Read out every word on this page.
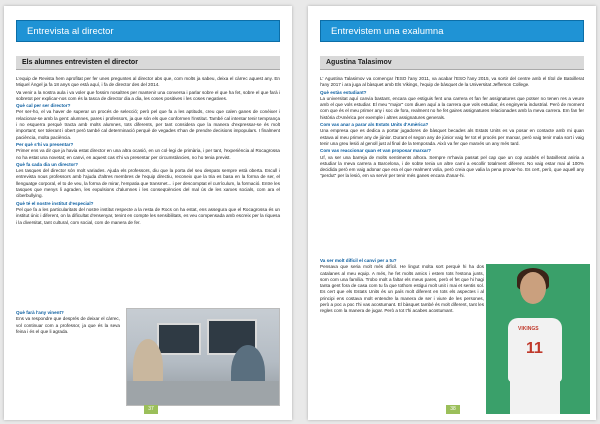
Entrevista al director
Els alumnes entrevisten el director

L'equip de Revista hem aprofitat per fer unes preguntes al director abs que, com molts ja sabeu, deixa el càrrec aquest any. En Miquel Àngel ja fa 18 anys que està aquí, i fa de director des del 2014.

Va venir a la nostra aula i va voler que fossim nosaltres per mantenir una conversa i parlar sobre el que ha fet, sobre el que farà i sobretot per explicar-nos com és la tasca de director dia a dia, les coses positives i les coses negatives.

Què cal per ser director?

Per ser-ho, el va haver de superar un procés de selecció; però pel que fa a les aptituds, creu que calen ganes de conèixer i relacionar-se amb la gent: alumnes, pares i professors, ja que són els que conformen l'institut. També cal intentar tenir temprança i no esquerra perquè tracta amb molts alumnes, tots diferents, per tant considera que la manera d'expressar-se és molt important; ser tolerant i obert però també cal determinació perquè de vegades s'han de prendre decisions impopulars. I finalment paciència, molta paciència.

Per què s'hi va presentar?

Primer ens va dir que ja havia estat director en una altra ocasió, en un col·legi de primària, i per tant, l'experiència al Rocagrossa no ha estat una novetat; en canvi, en aquest cas s'hi va presentar per circumstàncies, no ho tenia previst.

Què fa cada dia un director?

Les tasques del director són molt variades. Ajuda els professors, diu que la porta del seu despatx sempre està oberta. Escull i entrevista nous professors amb l'ajuda d'altres membres de l'equip directiu, reconeix que la tria es basa en la forma de ser, el llenguatge corporal, el to de veu, la forma de mirar, l'empatia que transmet... i per descomptat el currículum, la formació. Entre les tasques que menys li agraden, les expulsions d'alumnes i les conseqüències del mal ús de les xarxes socials, com ara el ciberbullying.

Què té el nostre institut d'especial?

Pel que fa a les particularitats del nostre institut respecte a la resta de Rocs on ha estat, ens assegura que el Rocagrossa és un institut únic i diferent, on la dificultat d'ensenyar, tenint en compte les sensibilitats, es veu compensada amb escreix per la riquesa i la diversitat, tant cultural, com social, com de manera de fer.

Què farà l'any vinent?

Ens va respondre que després de deixar el càrrec, vol continuar com a professor, ja que és la seva feina i és el que li agrada.

37
Entrevistem una exalumna
Agustina Talasimov

L' Agustina Talasimov va començar l'ESO l'any 2011, va acabar l'ESO l'any 2015, va sortir del centre amb el títol de Batxillerat l'any 2017 i ara juga al bàsquet amb Els Vikings, l'equip de bàsquet de la Universitat Jefferson College.

Què estàs estudiant?

La universitat aquí canvia bastant, encara que estiguis fent una carrera et fan fer assignatures que potser no tenen res a veure amb el que vols estudiar. El meu "major" com diuen aquí a la carrera que vols estudiar, és enginyeria industrial. Però de moment com que és el meu primer any i soc de fora, realment no he fet gaires assignatures relacionades amb la meva carrera. Em fan fer història d'Amèrica per exemple i altres assignatures generals.

Com vas anar a parar als Estats Units d'Amèrica?

Una empresa que es dedica a portar jugadores de bàsquet becades als Estats Units es va posar en contacte amb mi quan estava al meu primer any de júnior. Durant el segon any de júnior vaig fer tot el procés per marxar, però vaig tenir mala sort i vaig tenir una greu lesió al genoll just al final de la temporada. Això va fer que marxés un any més tard.

Com vas reaccionar quan et van proposar marxar?

Uf, va ser una barreja de molts sentiments alhora. Sempre m'havia passat pel cap que un cop acabés el batxillerat aniria a estudiar la meva carrera a Barcelona, i de sobte tenia un altre camí a escollir totalment diferent. No vaig estar mai al 100% decidida però em vaig adonar que era el que realment volia, però creia que valia la pena provar-ho. Es cert, però, que aquell any "perdut" per la lesió, em va servir per tenir més ganes encara d'anar-hi.

Va ser molt difícil el canvi per a tu?

Pensava que seria molt més difícil. He lingut molta sort perquè hi ha dos catalanes al meu equip. A més, he fet molts amics i estem tots l'estona junts, som com una família. Trobo molt a faltar els meus pares, però el fet que hi hagi tanta gent fora de casa com tu fa que tothom estigui molt unit i mai et sentis sol. Es cert que els Estats Units és un país molt diferent en tots els aspectes i al principi ens costava molt entendre la manera de ser i viure de les persones, però a poc a poc t'hi vas acostumant. El bàsquet també és molt diferent, tant les regles com la manera de jugar. Però a tot t'hi acabes acostumant.

VIKINGS
11
38
